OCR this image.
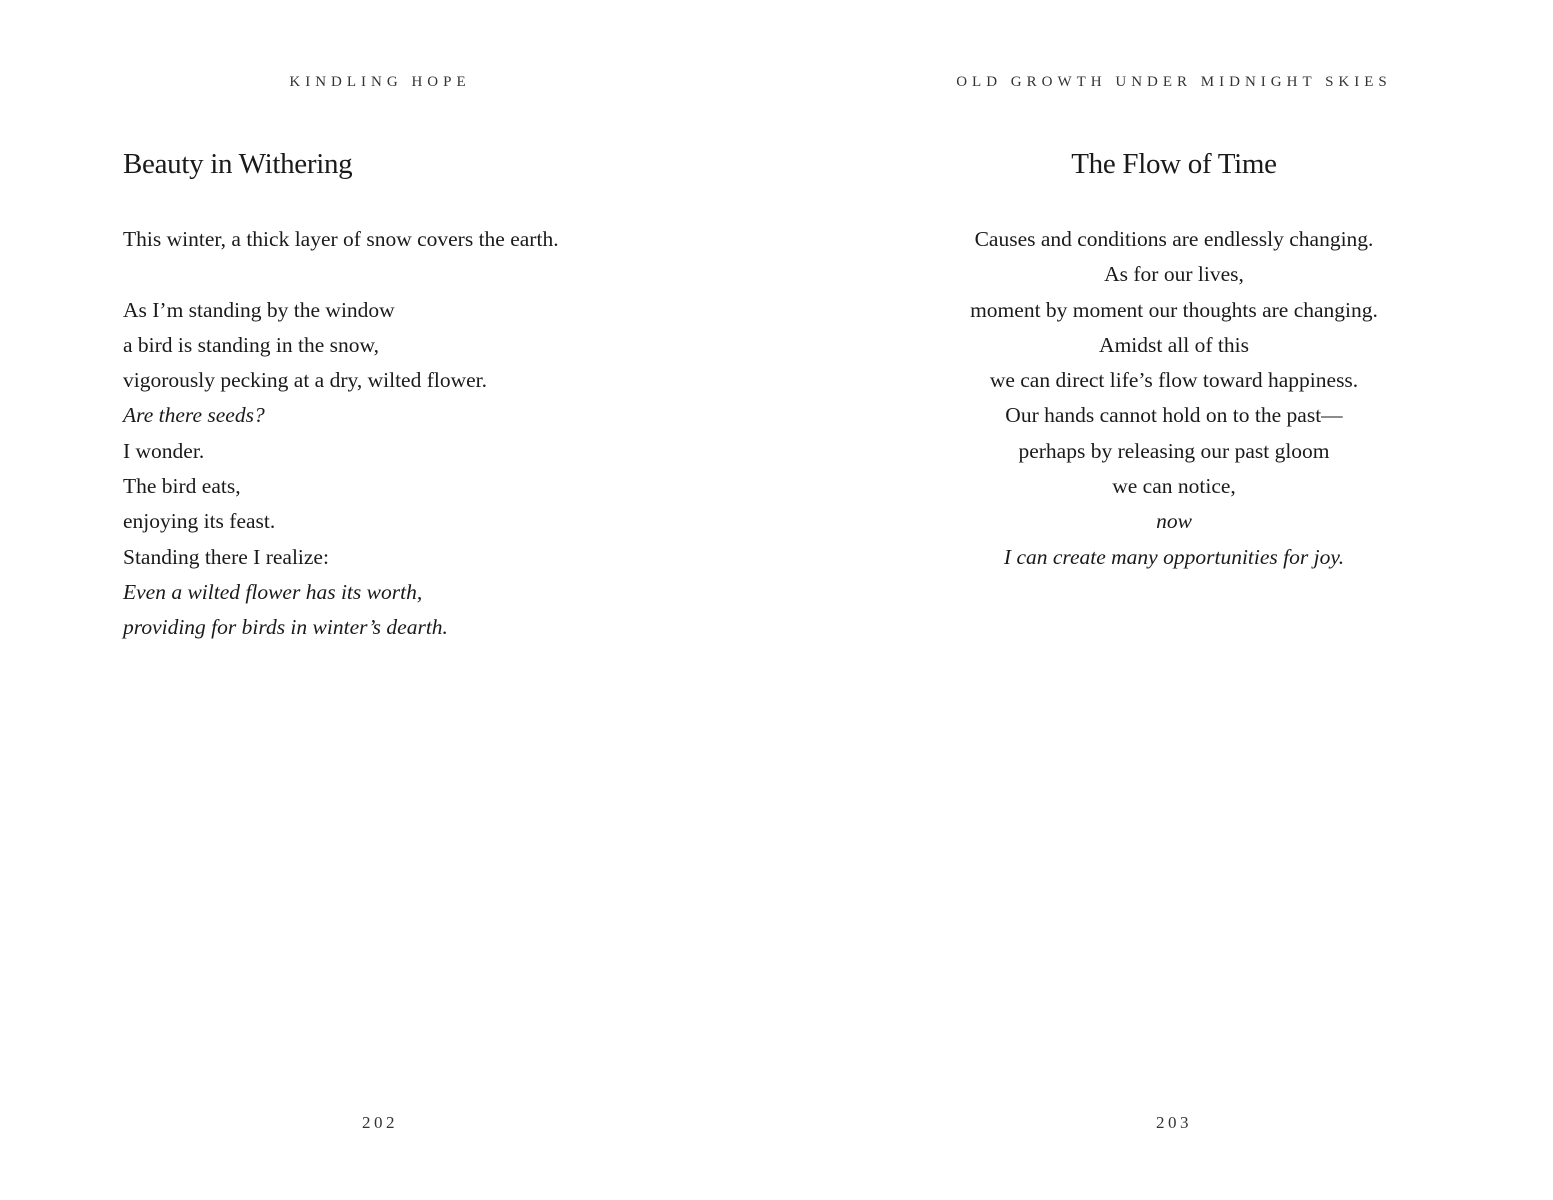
KINDLING HOPE
Beauty in Withering
This winter, a thick layer of snow covers the earth.

As I’m standing by the window
a bird is standing in the snow,
vigorously pecking at a dry, wilted flower.
Are there seeds?
I wonder.
The bird eats,
enjoying its feast.
Standing there I realize:
Even a wilted flower has its worth,
providing for birds in winter’s dearth.
202
OLD GROWTH UNDER MIDNIGHT SKIES
The Flow of Time
Causes and conditions are endlessly changing.
As for our lives,
moment by moment our thoughts are changing.
Amidst all of this
we can direct life’s flow toward happiness.
Our hands cannot hold on to the past—
perhaps by releasing our past gloom
we can notice,
now
I can create many opportunities for joy.
203
